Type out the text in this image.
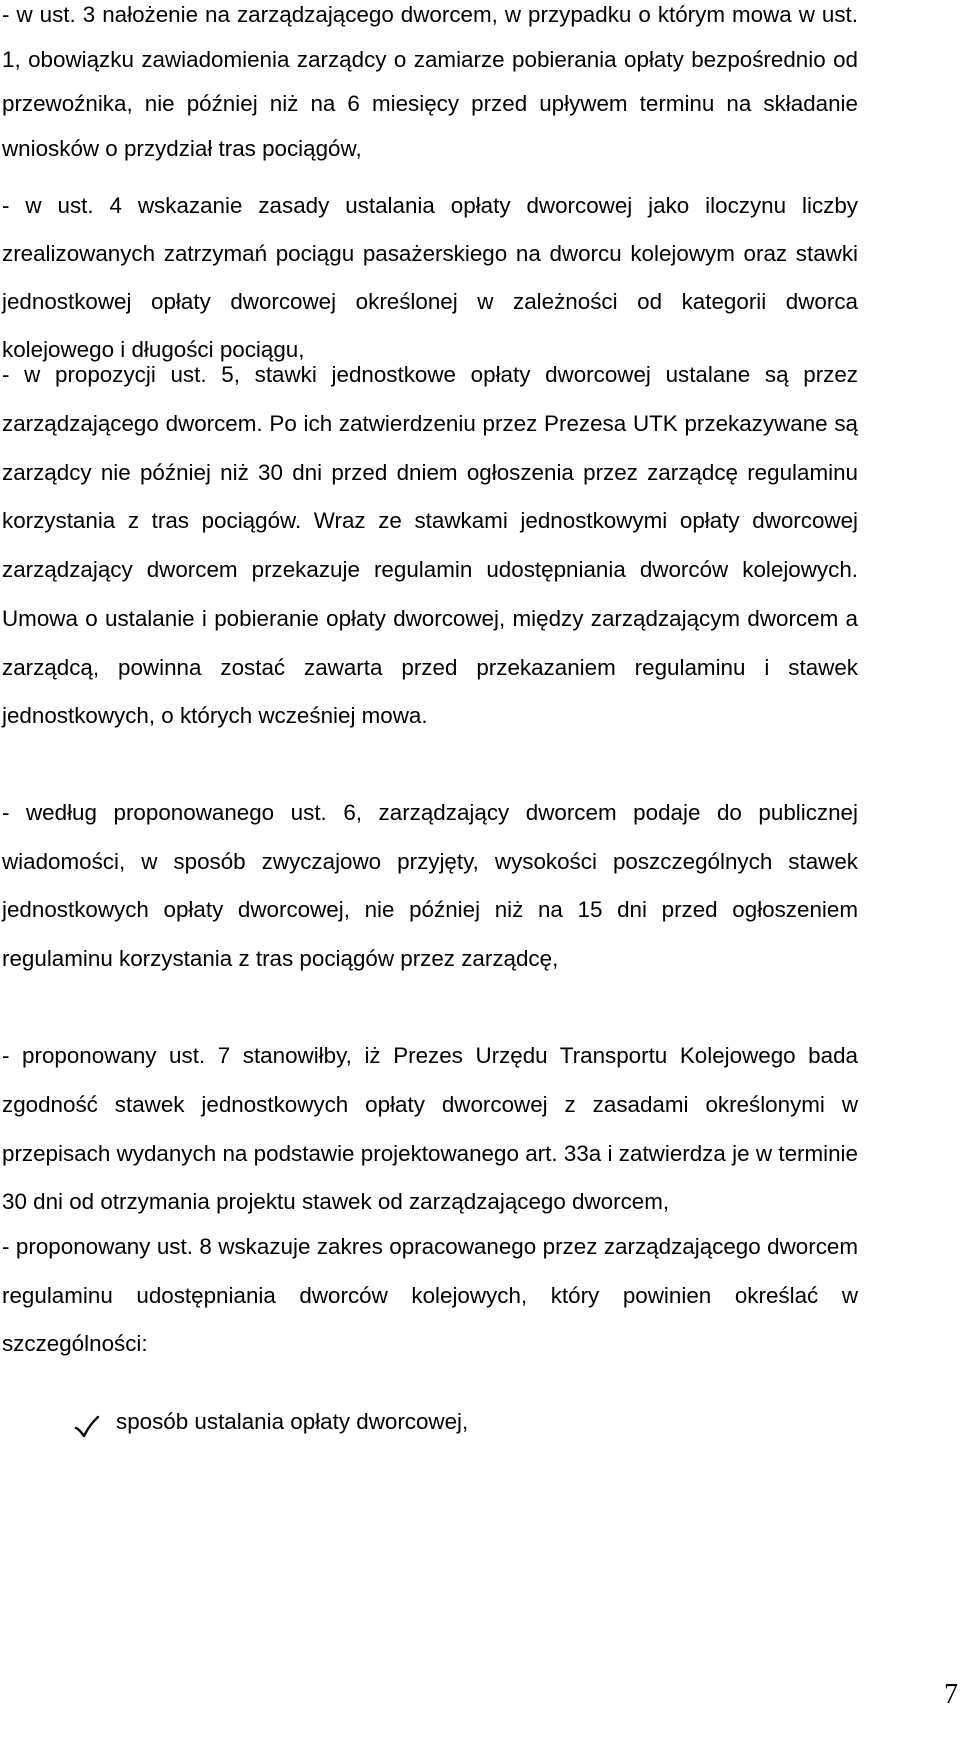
- w ust. 3 nałożenie na zarządzającego dworcem, w przypadku o którym mowa w ust. 1, obowiązku zawiadomienia zarządcy o zamiarze pobierania opłaty bezpośrednio od przewoźnika, nie później niż na 6 miesięcy przed upływem terminu na składanie wniosków o przydział tras pociągów,

- w ust. 4 wskazanie zasady ustalania opłaty dworcowej jako iloczynu liczby zrealizowanych zatrzymań pociągu pasażerskiego na dworcu kolejowym oraz stawki jednostkowej opłaty dworcowej określonej w zależności od kategorii dworca kolejowego i długości pociągu,

- w propozycji ust. 5, stawki jednostkowe opłaty dworcowej ustalane są przez zarządzającego dworcem. Po ich zatwierdzeniu przez Prezesa UTK przekazywane są zarządcy nie później niż 30 dni przed dniem ogłoszenia przez zarządcę regulaminu korzystania z tras pociągów. Wraz ze stawkami jednostkowymi opłaty dworcowej zarządzający dworcem przekazuje regulamin udostępniania dworców kolejowych. Umowa o ustalanie i pobieranie opłaty dworcowej, między zarządzającym dworcem a zarządcą, powinna zostać zawarta przed przekazaniem regulaminu i stawek jednostkowych, o których wcześniej mowa.

- według proponowanego ust. 6, zarządzający dworcem podaje do publicznej wiadomości, w sposób zwyczajowo przyjęty, wysokości poszczególnych stawek jednostkowych opłaty dworcowej, nie później niż na 15 dni przed ogłoszeniem regulaminu korzystania z tras pociągów przez zarządcę,

- proponowany ust. 7 stanowiłby, iż Prezes Urzędu Transportu Kolejowego bada zgodność stawek jednostkowych opłaty dworcowej z zasadami określonymi w przepisach wydanych na podstawie projektowanego art. 33a i zatwierdza je w terminie 30 dni od otrzymania projektu stawek od zarządzającego dworcem,

- proponowany ust. 8 wskazuje zakres opracowanego przez zarządzającego dworcem regulaminu udostępniania dworców kolejowych, który powinien określać w szczególności:

sposób ustalania opłaty dworcowej,
7
